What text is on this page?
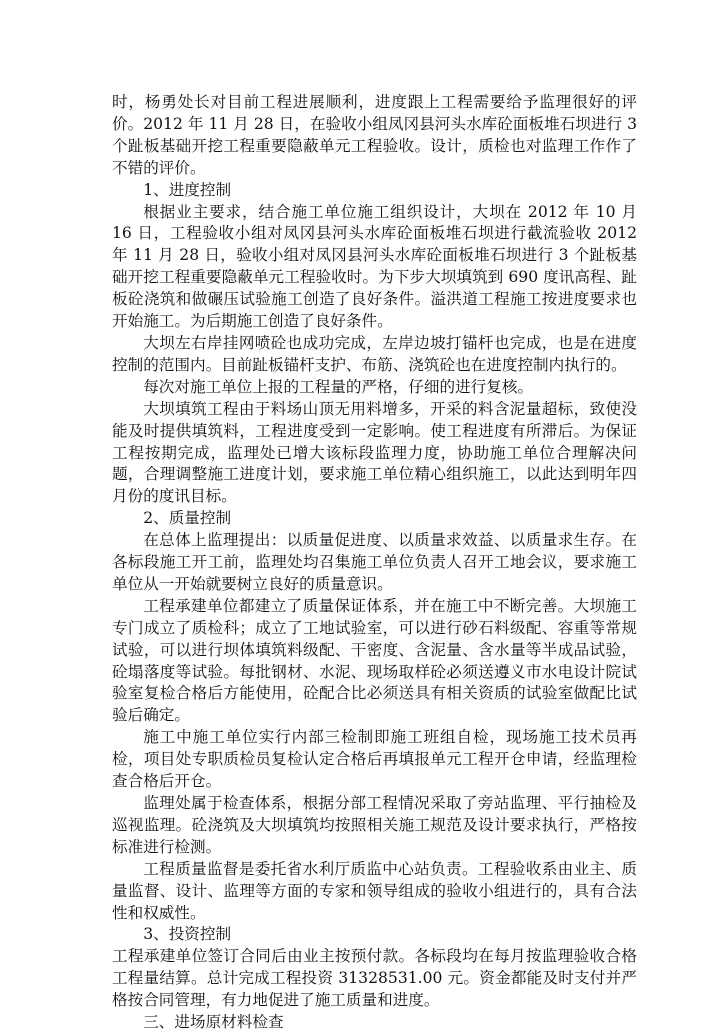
时，杨勇处长对目前工程进展顺利，进度跟上工程需要给予监理很好的评价。2012 年 11 月 28 日，在验收小组凤冈县河头水库砼面板堆石坝进行 3 个趾板基础开挖工程重要隐蔽单元工程验收。设计，质检也对监理工作作了不错的评价。

1、进度控制

根据业主要求，结合施工单位施工组织设计，大坝在 2012 年 10 月 16 日，工程验收小组对凤冈县河头水库砼面板堆石坝进行截流验收 2012 年 11 月 28 日，验收小组对凤冈县河头水库砼面板堆石坝进行 3 个趾板基础开挖工程重要隐蔽单元工程验收时。为下步大坝填筑到 690 度讯高程、趾板砼浇筑和做碾压试验施工创造了良好条件。溢洪道工程施工按进度要求也开始施工。为后期施工创造了良好条件。

大坝左右岸挂网喷砼也成功完成，左岸边坡打锚杆也完成，也是在进度控制的范围内。目前趾板锚杆支护、布筋、浇筑砼也在进度控制内执行的。

每次对施工单位上报的工程量的严格，仔细的进行复核。

大坝填筑工程由于料场山顶无用料增多，开采的料含泥量超标，致使没能及时提供填筑料，工程进度受到一定影响。使工程进度有所滞后。为保证工程按期完成，监理处已增大该标段监理力度，协助施工单位合理解决问题，合理调整施工进度计划，要求施工单位精心组织施工，以此达到明年四月份的度讯目标。

2、质量控制

在总体上监理提出：以质量促进度、以质量求效益、以质量求生存。在各标段施工开工前，监理处均召集施工单位负责人召开工地会议，要求施工单位从一开始就要树立良好的质量意识。

工程承建单位都建立了质量保证体系，并在施工中不断完善。大坝施工专门成立了质检科；成立了工地试验室，可以进行砂石料级配、容重等常规试验，可以进行坝体填筑料级配、干密度、含泥量、含水量等半成品试验，砼塌落度等试验。每批钢材、水泥、现场取样砼必须送遵义市水电设计院试验室复检合格后方能使用，砼配合比必须送具有相关资质的试验室做配比试验后确定。

施工中施工单位实行内部三检制即施工班组自检，现场施工技术员再检，项目处专职质检员复检认定合格后再填报单元工程开仓申请，经监理检查合格后开仓。

监理处属于检查体系，根据分部工程情况采取了旁站监理、平行抽检及巡视监理。砼浇筑及大坝填筑均按照相关施工规范及设计要求执行，严格按标准进行检测。

工程质量监督是委托省水利厅质监中心站负责。工程验收系由业主、质量监督、设计、监理等方面的专家和领导组成的验收小组进行的，具有合法性和权威性。

3、投资控制

工程承建单位签订合同后由业主按预付款。各标段均在每月按监理验收合格工程量结算。总计完成工程投资 31328531.00 元。资金都能及时支付并严格按合同管理，有力地促进了施工质量和进度。

三、进场原材料检查
